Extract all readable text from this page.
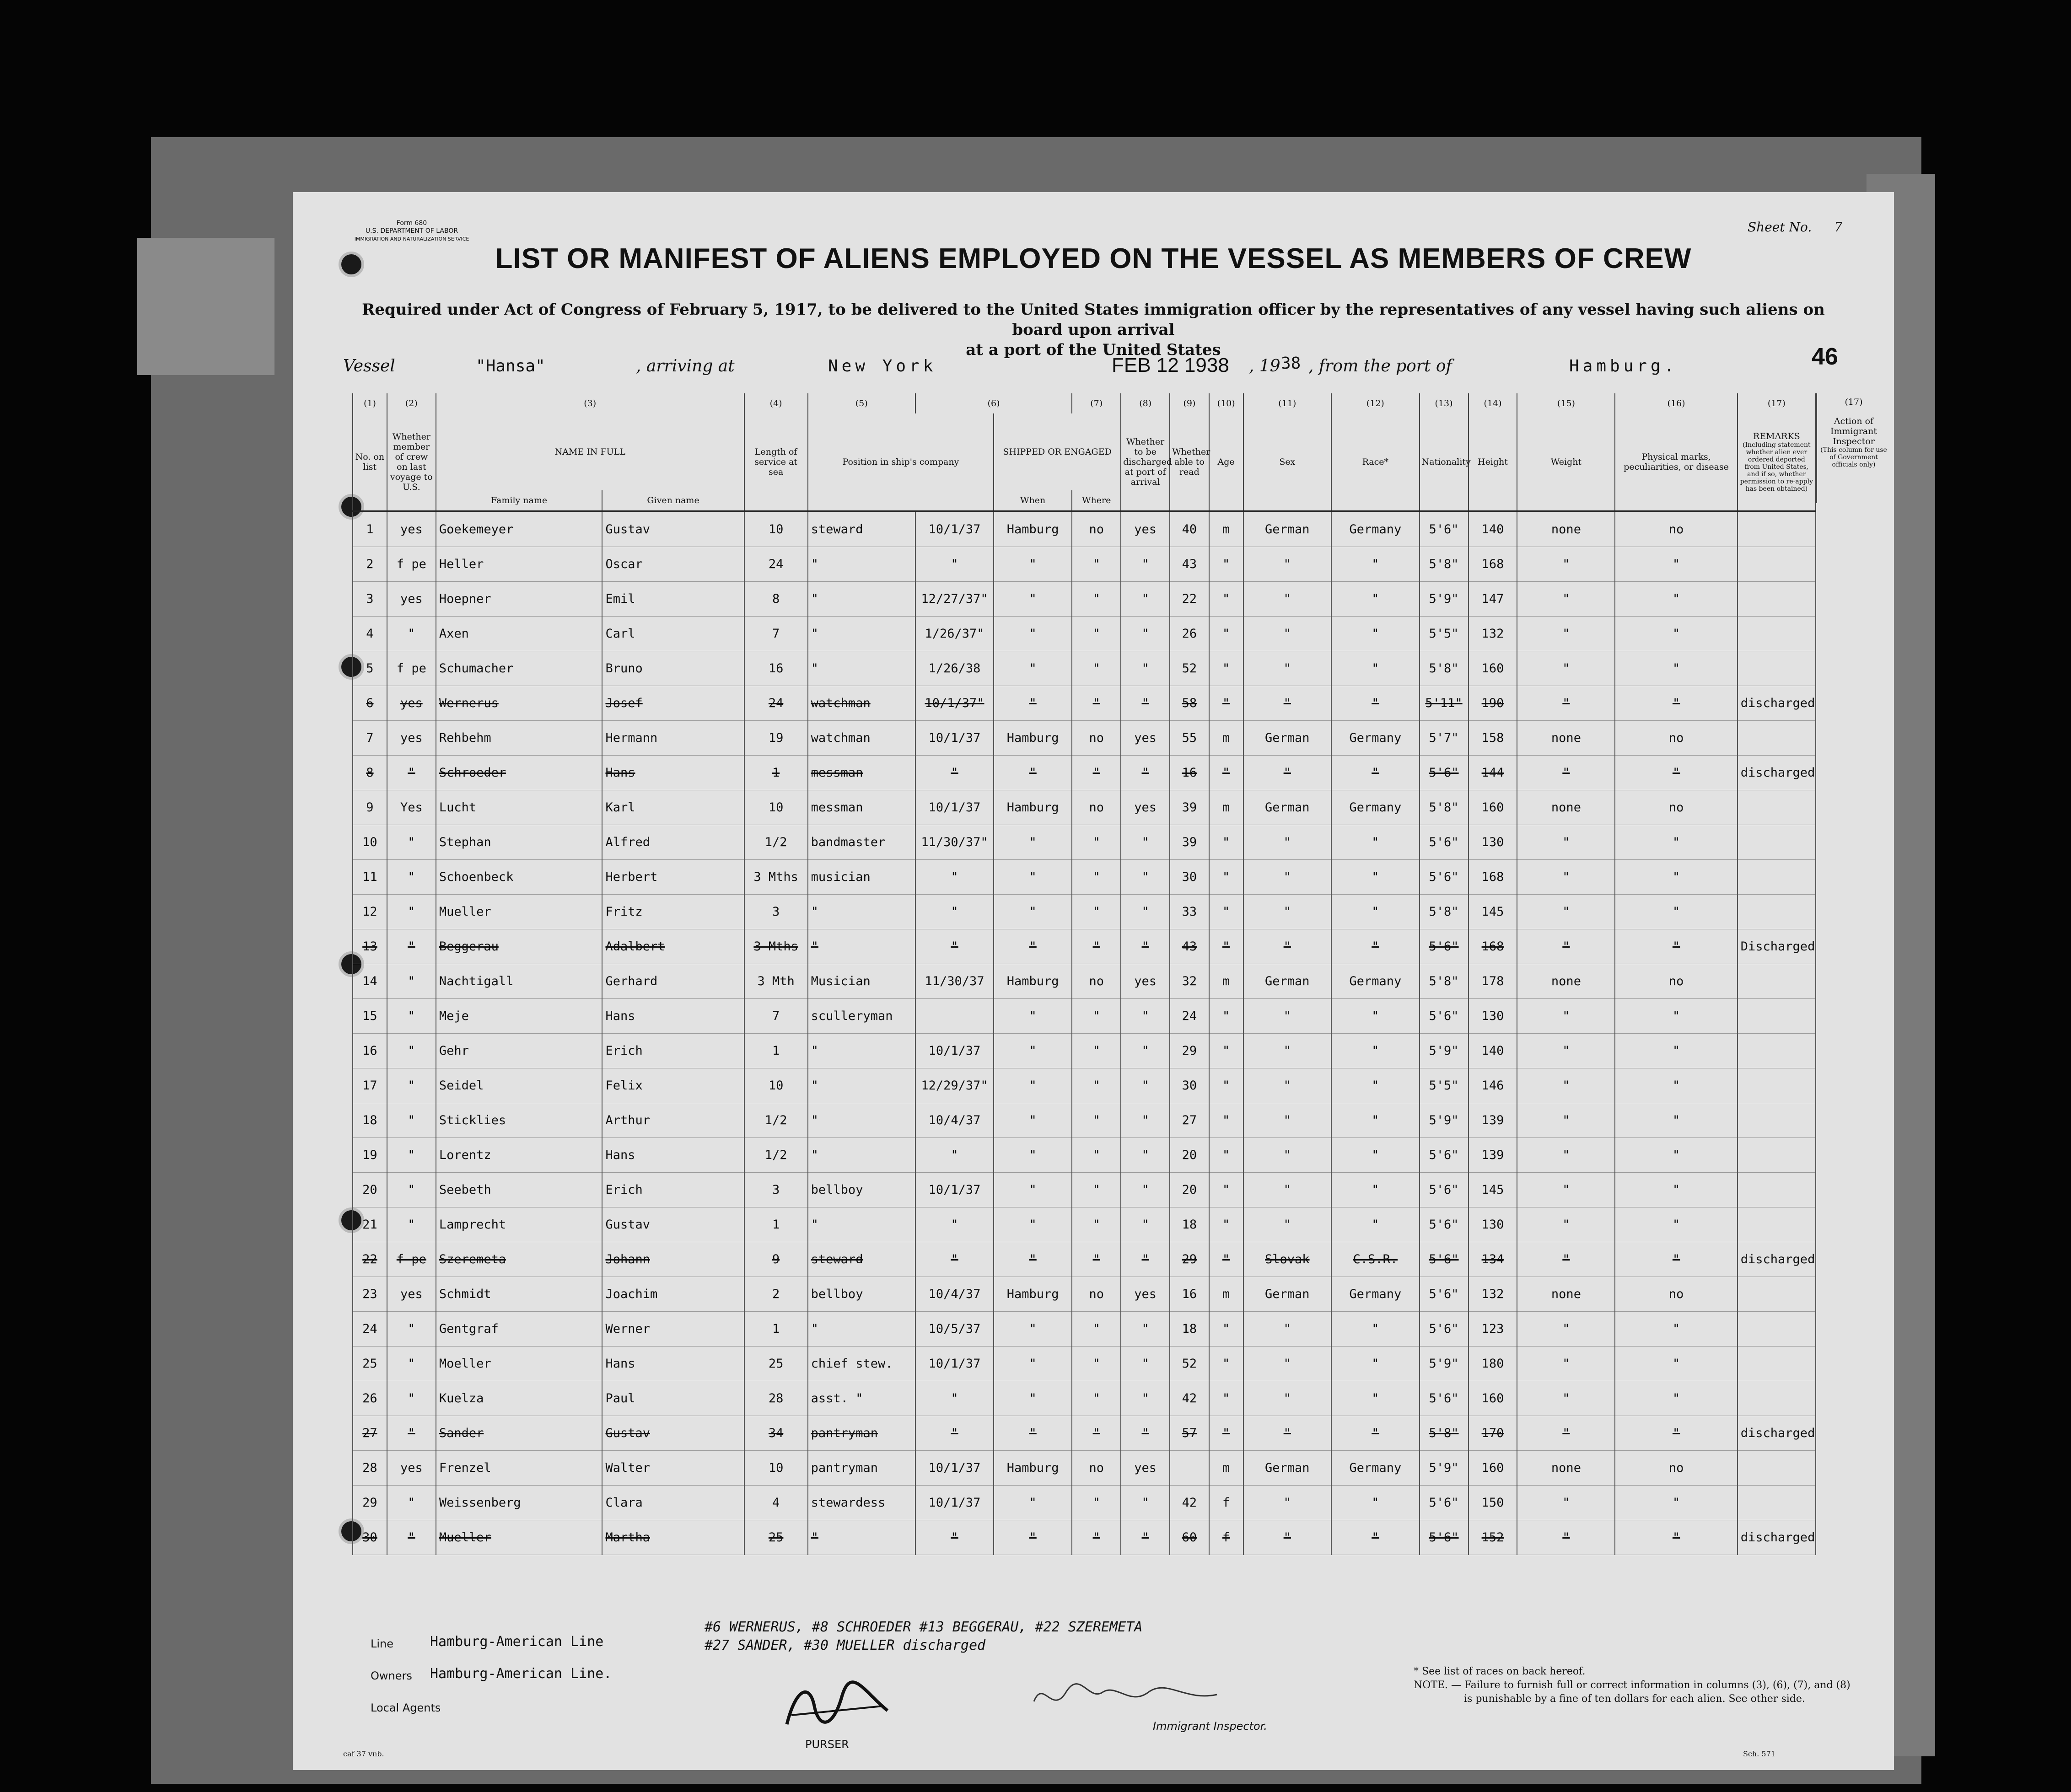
Form 680
U.S. DEPARTMENT OF LABOR
IMMIGRATION AND NATURALIZATION SERVICE
Sheet No. 7
LIST OR MANIFEST OF ALIENS EMPLOYED ON THE VESSEL AS MEMBERS OF CREW
Required under Act of Congress of February 5, 1917, to be delivered to the United States immigration officer by the representatives of any vessel having such aliens on board upon arrival
at a port of the United States
Vessel	"Hansa"	, arriving at	New York	FEB 12 1938 , 19 38 , from the port of	Hamburg.	46
(1)	(2)	(3)		(4)	(5)	(6)		(7)	(8)	(9)	(10)	(11)	(12)	(13)	(14)	(15)	(16)	(17)
No. on list	Whether member of crew on last voyage to U.S.	NAME IN FULL		Length of service at sea	Position in ship's company		SHIPPED OR ENGAGED		Whether to be discharged at port of arrival	Whether able to read	Age	Sex	Race*	Nationality	Height	Weight	Physical marks, peculiarities, or disease	REMARKS
(Including statement whether alien ever ordered deported from United States, and if so, whether permission to re-apply has been obtained)

		Family name	Given name				When	Where										
1	yes	Goekemeyer	Gustav	10	steward	10/1/37	Hamburg	no	yes	40	m	German	Germany	5'6"	140	none	no	
2	f pe	Heller	Oscar	24	"	"	"	"	"	43	"	"	"	5'8"	168	"	"	
3	yes	Hoepner	Emil	8	"	12/27/37"	"	"	"	22	"	"	"	5'9"	147	"	"	
4	"	Axen	Carl	7	"	1/26/37"	"	"	"	26	"	"	"	5'5"	132	"	"	
5	f pe	Schumacher	Bruno	16	"	1/26/38	"	"	"	52	"	"	"	5'8"	160	"	"	
6	yes	Wernerus	Josef	24	watchman	10/1/37"	"	"	"	58	"	"	"	5'11"	190	"	"	discharged
7	yes	Rehbehm	Hermann	19	watchman	10/1/37	Hamburg	no	yes	55	m	German	Germany	5'7"	158	none	no	
8	"	Schroeder	Hans	1	messman	"	"	"	"	16	"	"	"	5'6"	144	"	"	discharged
9	Yes	Lucht	Karl	10	messman	10/1/37	Hamburg	no	yes	39	m	German	Germany	5'8"	160	none	no	
10	"	Stephan	Alfred	1/2	bandmaster	11/30/37"	"	"	"	39	"	"	"	5'6"	130	"	"	
11	"	Schoenbeck	Herbert	3 Mths	musician	"	"	"	"	30	"	"	"	5'6"	168	"	"	
12	"	Mueller	Fritz	3	"	"	"	"	"	33	"	"	"	5'8"	145	"	"	
13	"	Beggerau	Adalbert	3 Mths	"	"	"	"	"	43	"	"	"	5'6"	168	"	"	Discharged
14	"	Nachtigall	Gerhard	3 Mth	Musician	11/30/37	Hamburg	no	yes	32	m	German	Germany	5'8"	178	none	no	
15	"	Meje	Hans	7	sculleryman		"	"	"	24	"	"	"	5'6"	130	"	"	
16	"	Gehr	Erich	1	"	10/1/37	"	"	"	29	"	"	"	5'9"	140	"	"	
17	"	Seidel	Felix	10	"	12/29/37"	"	"	"	30	"	"	"	5'5"	146	"	"	
18	"	Sticklies	Arthur	1/2	"	10/4/37	"	"	"	27	"	"	"	5'9"	139	"	"	
19	"	Lorentz	Hans	1/2	"	"	"	"	"	20	"	"	"	5'6"	139	"	"	
20	"	Seebeth	Erich	3	bellboy	10/1/37	"	"	"	20	"	"	"	5'6"	145	"	"	
21	"	Lamprecht	Gustav	1	"	"	"	"	"	18	"	"	"	5'6"	130	"	"	
22	f pe	Szeremeta	Johann	9	steward	"	"	"	"	29	"	Slovak	C.S.R.	5'6"	134	"	"	discharged
23	yes	Schmidt	Joachim	2	bellboy	10/4/37	Hamburg	no	yes	16	m	German	Germany	5'6"	132	none	no	
24	"	Gentgraf	Werner	1	"	10/5/37	"	"	"	18	"	"	"	5'6"	123	"	"	
25	"	Moeller	Hans	25	chief stew.	10/1/37	"	"	"	52	"	"	"	5'9"	180	"	"	
26	"	Kuelza	Paul	28	asst. "	"	"	"	"	42	"	"	"	5'6"	160	"	"	
27	"	Sander	Gustav	34	pantryman	"	"	"	"	57	"	"	"	5'8"	170	"	"	discharged
28	yes	Frenzel	Walter	10	pantryman	10/1/37	Hamburg	no	yes		m	German	Germany	5'9"	160	none	no	
29	"	Weissenberg	Clara	4	stewardess	10/1/37	"	"	"	42	f	"	"	5'6"	150	"	"	
30	"	Mueller	Martha	25	"	"	"	"	"	60	f	"	"	5'6"	152	"	"	discharged
(17)
Action of Immigrant Inspector
(This column for use of Government officials only)
Line	Hamburg-American Line
Owners Hamburg-American Line.
Local Agents
#6 WERNERUS, #8 SCHROEDER #13 BEGGERAU, #22 SZEREMETA
#27 SANDER, #30 MUELLER discharged
PURSER
Immigrant Inspector.
* See list of races on back hereof.
NOTE. — Failure to furnish full or correct information in columns (3), (6), (7), and (8)
is punishable by a fine of ten dollars for each alien. See other side.
caf 37 vnb.	Sch. 571
